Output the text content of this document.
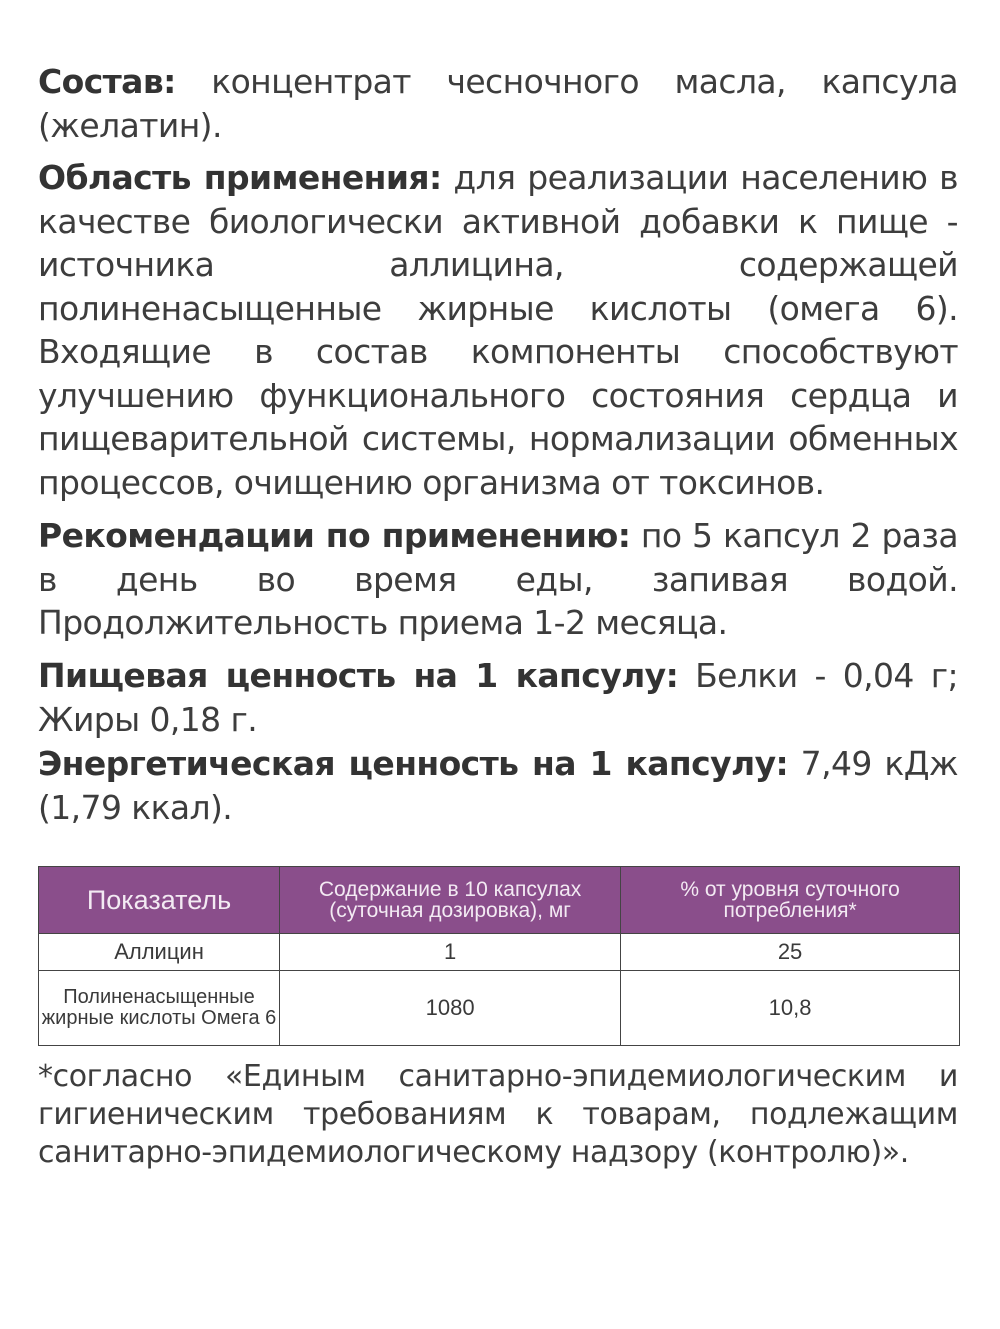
Состав: концентрат чесночного масла, капсула (желатин).

Область применения: для реализации населению в качестве биологически активной добавки к пище - источника аллицина, содержащей полиненасыщенные жирные кислоты (омега 6). Входящие в состав компоненты способствуют улучшению функционального состояния сердца и пищеварительной системы, нормализации обменных процессов, очищению организма от токсинов.

Рекомендации по применению: по 5 капсул 2 раза в день во время еды, запивая водой. Продолжительность приема 1-2 месяца.

Пищевая ценность на 1 капсулу: Белки - 0,04 г; Жиры 0,18 г.

Энергетическая ценность на 1 капсулу: 7,49 кДж (1,79 ккал).

Показатель	Содержание в 10 капсулах (суточная дозировка), мг	% от уровня суточного потребления*
Аллицин	1	25
Полиненасыщенные жирные кислоты Омега 6	1080	10,8
*согласно «Единым санитарно-эпидемиологическим и гигиеническим требованиям к товарам, подлежащим санитарно-эпидемиологическому надзору (контролю)».
